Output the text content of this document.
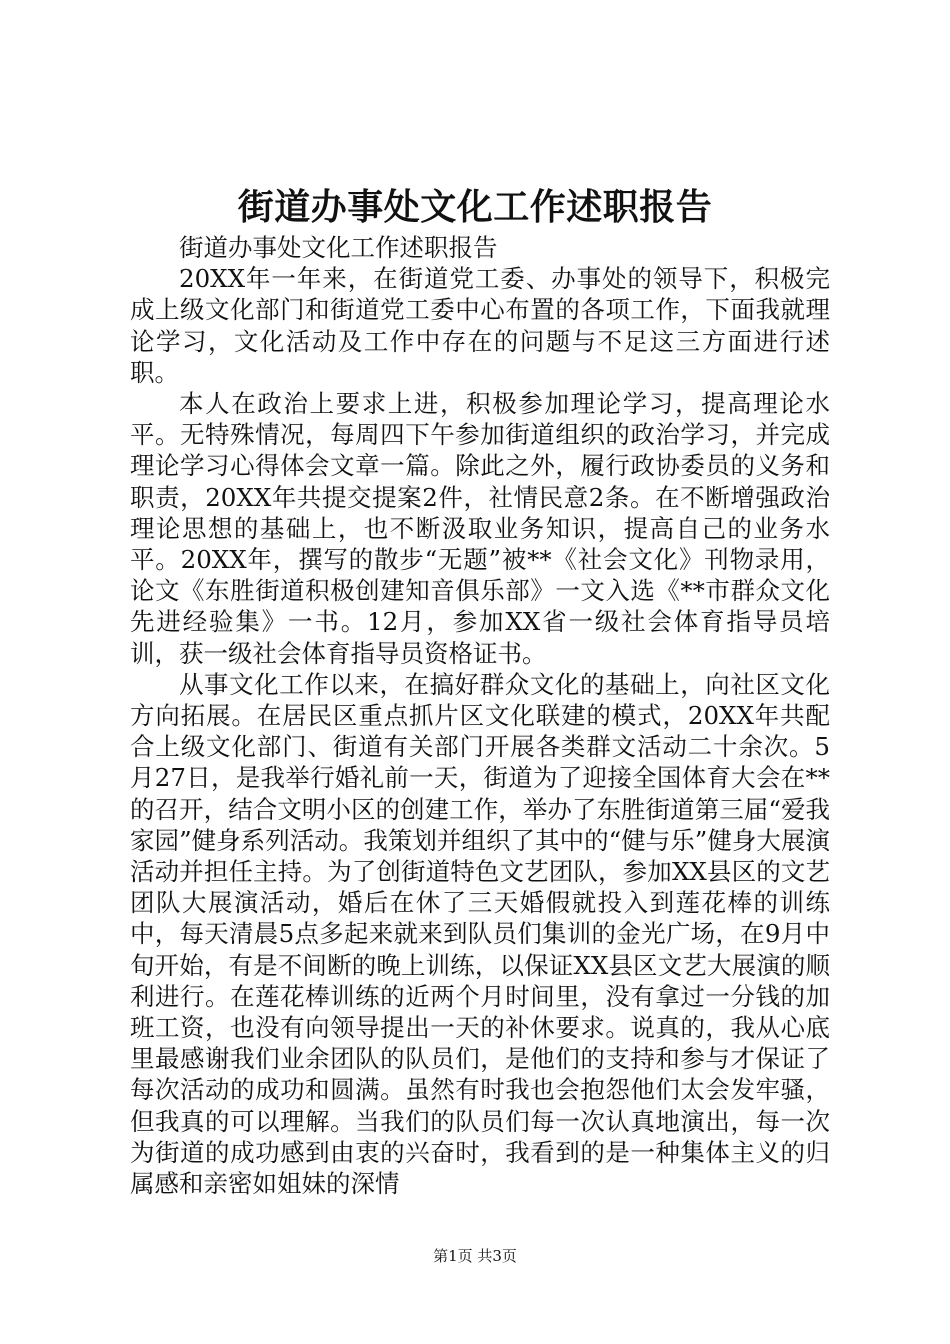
街道办事处文化工作述职报告

街道办事处文化工作述职报告

20XX年一年来，在街道党工委、办事处的领导下，积极完成上级文化部门和街道党工委中心布置的各项工作，下面我就理论学习，文化活动及工作中存在的问题与不足这三方面进行述职。

本人在政治上要求上进，积极参加理论学习，提高理论水平。无特殊情况，每周四下午参加街道组织的政治学习，并完成理论学习心得体会文章一篇。除此之外，履行政协委员的义务和职责，20XX年共提交提案2件，社情民意2条。在不断增强政治理论思想的基础上，也不断汲取业务知识，提高自己的业务水平。20XX年，撰写的散步“无题”被**《社会文化》刊物录用，论文《东胜街道积极创建知音俱乐部》一文入选《**市群众文化先进经验集》一书。12月，参加XX省一级社会体育指导员培训，获一级社会体育指导员资格证书。

从事文化工作以来，在搞好群众文化的基础上，向社区文化方向拓展。在居民区重点抓片区文化联建的模式，20XX年共配合上级文化部门、街道有关部门开展各类群文活动二十余次。5月27日，是我举行婚礼前一天，街道为了迎接全国体育大会在**的召开，结合文明小区的创建工作，举办了东胜街道第三届“爱我家园”健身系列活动。我策划并组织了其中的“健与乐”健身大展演活动并担任主持。为了创街道特色文艺团队，参加XX县区的文艺团队大展演活动，婚后在休了三天婚假就投入到莲花棒的训练中，每天清晨5点多起来就来到队员们集训的金光广场，在9月中旬开始，有是不间断的晚上训练，以保证XX县区文艺大展演的顺利进行。在莲花棒训练的近两个月时间里，没有拿过一分钱的加班工资，也没有向领导提出一天的补休要求。说真的，我从心底里最感谢我们业余团队的队员们，是他们的支持和参与才保证了每次活动的成功和圆满。虽然有时我也会抱怨他们太会发牢骚，但我真的可以理解。当我们的队员们每一次认真地演出，每一次为街道的成功感到由衷的兴奋时，我看到的是一种集体主义的归属感和亲密如姐妹的深情

第1页 共3页
